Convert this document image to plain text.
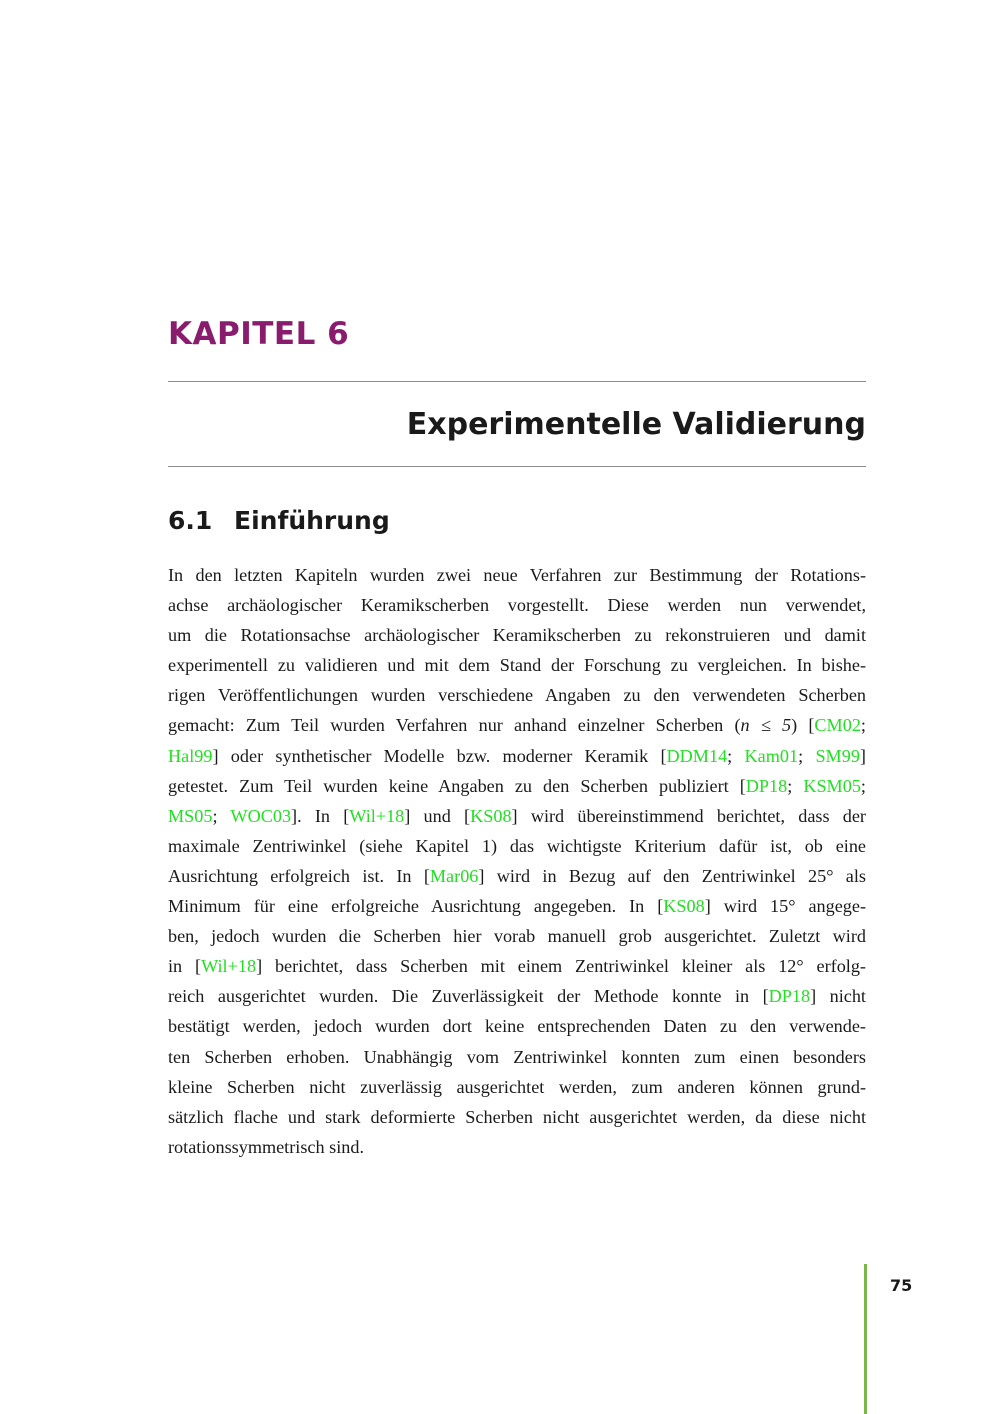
KAPITEL 6
Experimentelle Validierung
6.1 Einführung
In den letzten Kapiteln wurden zwei neue Verfahren zur Bestimmung der Rotations-
achse archäologischer Keramikscherben vorgestellt. Diese werden nun verwendet,
um die Rotationsachse archäologischer Keramikscherben zu rekonstruieren und damit
experimentell zu validieren und mit dem Stand der Forschung zu vergleichen. In bishe-
rigen Veröffentlichungen wurden verschiedene Angaben zu den verwendeten Scherben
gemacht: Zum Teil wurden Verfahren nur anhand einzelner Scherben (n ≤ 5) [CM02;
Hal99] oder synthetischer Modelle bzw. moderner Keramik [DDM14; Kam01; SM99]
getestet. Zum Teil wurden keine Angaben zu den Scherben publiziert [DP18; KSM05;
MS05; WOC03]. In [Wil+18] und [KS08] wird übereinstimmend berichtet, dass der
maximale Zentriwinkel (siehe Kapitel 1) das wichtigste Kriterium dafür ist, ob eine
Ausrichtung erfolgreich ist. In [Mar06] wird in Bezug auf den Zentriwinkel 25° als
Minimum für eine erfolgreiche Ausrichtung angegeben. In [KS08] wird 15° angege-
ben, jedoch wurden die Scherben hier vorab manuell grob ausgerichtet. Zuletzt wird
in [Wil+18] berichtet, dass Scherben mit einem Zentriwinkel kleiner als 12° erfolg-
reich ausgerichtet wurden. Die Zuverlässigkeit der Methode konnte in [DP18] nicht
bestätigt werden, jedoch wurden dort keine entsprechenden Daten zu den verwende-
ten Scherben erhoben. Unabhängig vom Zentriwinkel konnten zum einen besonders
kleine Scherben nicht zuverlässig ausgerichtet werden, zum anderen können grund-
sätzlich flache und stark deformierte Scherben nicht ausgerichtet werden, da diese nicht
rotationssymmetrisch sind.
75
